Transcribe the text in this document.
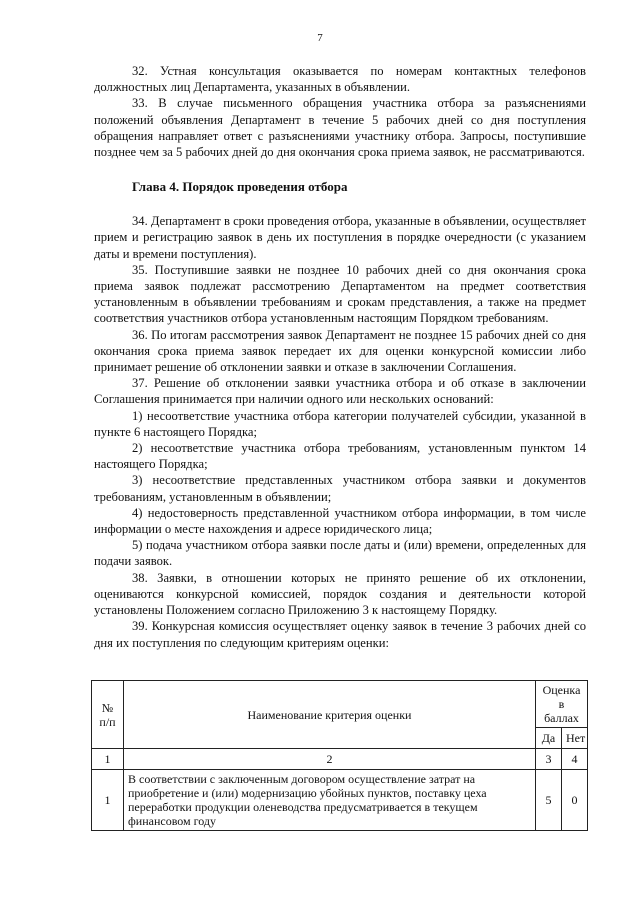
7

32. Устная консультация оказывается по номерам контактных телефонов должностных лиц Департамента, указанных в объявлении.

33. В случае письменного обращения участника отбора за разъяснениями положений объявления Департамент в течение 5 рабочих дней со дня поступления обращения направляет ответ с разъяснениями участнику отбора. Запросы, поступившие позднее чем за 5 рабочих дней до дня окончания срока приема заявок, не рассматриваются.

Глава 4. Порядок проведения отбора

34. Департамент в сроки проведения отбора, указанные в объявлении, осуществляет прием и регистрацию заявок в день их поступления в порядке очередности (с указанием даты и времени поступления).

35. Поступившие заявки не позднее 10 рабочих дней со дня окончания срока приема заявок подлежат рассмотрению Департаментом на предмет соответствия установленным в объявлении требованиям и срокам представления, а также на предмет соответствия участников отбора установленным настоящим Порядком требованиям.

36. По итогам рассмотрения заявок Департамент не позднее 15 рабочих дней со дня окончания срока приема заявок передает их для оценки конкурсной комиссии либо принимает решение об отклонении заявки и отказе в заключении Соглашения.

37. Решение об отклонении заявки участника отбора и об отказе в заключении Соглашения принимается при наличии одного или нескольких оснований:

1) несоответствие участника отбора категории получателей субсидии, указанной в пункте 6 настоящего Порядка;

2) несоответствие участника отбора требованиям, установленным пунктом 14 настоящего Порядка;

3) несоответствие представленных участником отбора заявки и документов требованиям, установленным в объявлении;

4) недостоверность представленной участником отбора информации, в том числе информации о месте нахождения и адресе юридического лица;

5) подача участником отбора заявки после даты и (или) времени, определенных для подачи заявок.

38. Заявки, в отношении которых не принято решение об их отклонении, оцениваются конкурсной комиссией, порядок создания и деятельности которой установлены Положением согласно Приложению 3 к настоящему Порядку.

39. Конкурсная комиссия осуществляет оценку заявок в течение 3 рабочих дней со дня их поступления по следующим критериям оценки:

№ п/п	Наименование критерия оценки	Оценка в баллах	
		Да	Нет
1	2	3	4
1	В соответствии с заключенным договором осуществление затрат на приобретение и (или) модернизацию убойных пунктов, поставку цеха переработки продукции оленеводства предусматривается в текущем финансовом году	5	0
